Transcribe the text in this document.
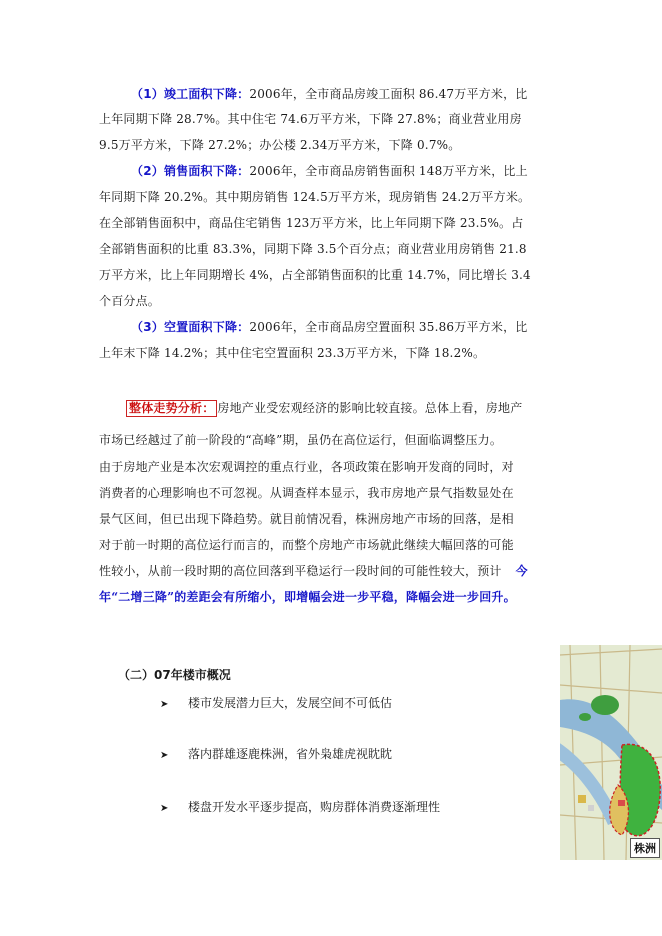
（1）竣工面积下降：2006年，全市商品房竣工面积 86.47万平方米，比
上年同期下降 28.7%。其中住宅 74.6万平方米，下降 27.8%；商业营业用房
9.5万平方米，下降 27.2%；办公楼 2.34万平方米，下降 0.7%。
（2）销售面积下降：2006年，全市商品房销售面积 148万平方米，比上
年同期下降 20.2%。其中期房销售 124.5万平方米，现房销售 24.2万平方米。
在全部销售面积中，商品住宅销售 123万平方米，比上年同期下降 23.5%。占
全部销售面积的比重 83.3%，同期下降 3.5个百分点；商业营业用房销售 21.8
万平方米，比上年同期增长 4%，占全部销售面积的比重 14.7%，同比增长 3.4
个百分点。
（3）空置面积下降：2006年，全市商品房空置面积 35.86万平方米，比
上年末下降 14.2%；其中住宅空置面积 23.3万平方米，下降 18.2%。
整体走势分析： 房地产业受宏观经济的影响比较直接。总体上看，房地产
市场已经越过了前一阶段的“高峰”期，虽仍在高位运行，但面临调整压力。
由于房地产业是本次宏观调控的重点行业，各项政策在影响开发商的同时，对
消费者的心理影响也不可忽视。从调查样本显示，我市房地产景气指数显处在
景气区间，但已出现下降趋势。就目前情况看，株洲房地产市场的回落，是相
对于前一时期的高位运行而言的，而整个房地产市场就此继续大幅回落的可能
性较小，从前一段时期的高位回落到平稳运行一段时间的可能性较大，预计 今
年“二增三降”的差距会有所缩小，即增幅会进一步平稳，降幅会进一步回升。
（二）07年楼市概况
➤ 楼市发展潜力巨大，发展空间不可低估
➤ 落内群雄逐鹿株洲，省外枭雄虎视眈眈
➤ 楼盘开发水平逐步提高，购房群体消费逐渐理性
株洲
